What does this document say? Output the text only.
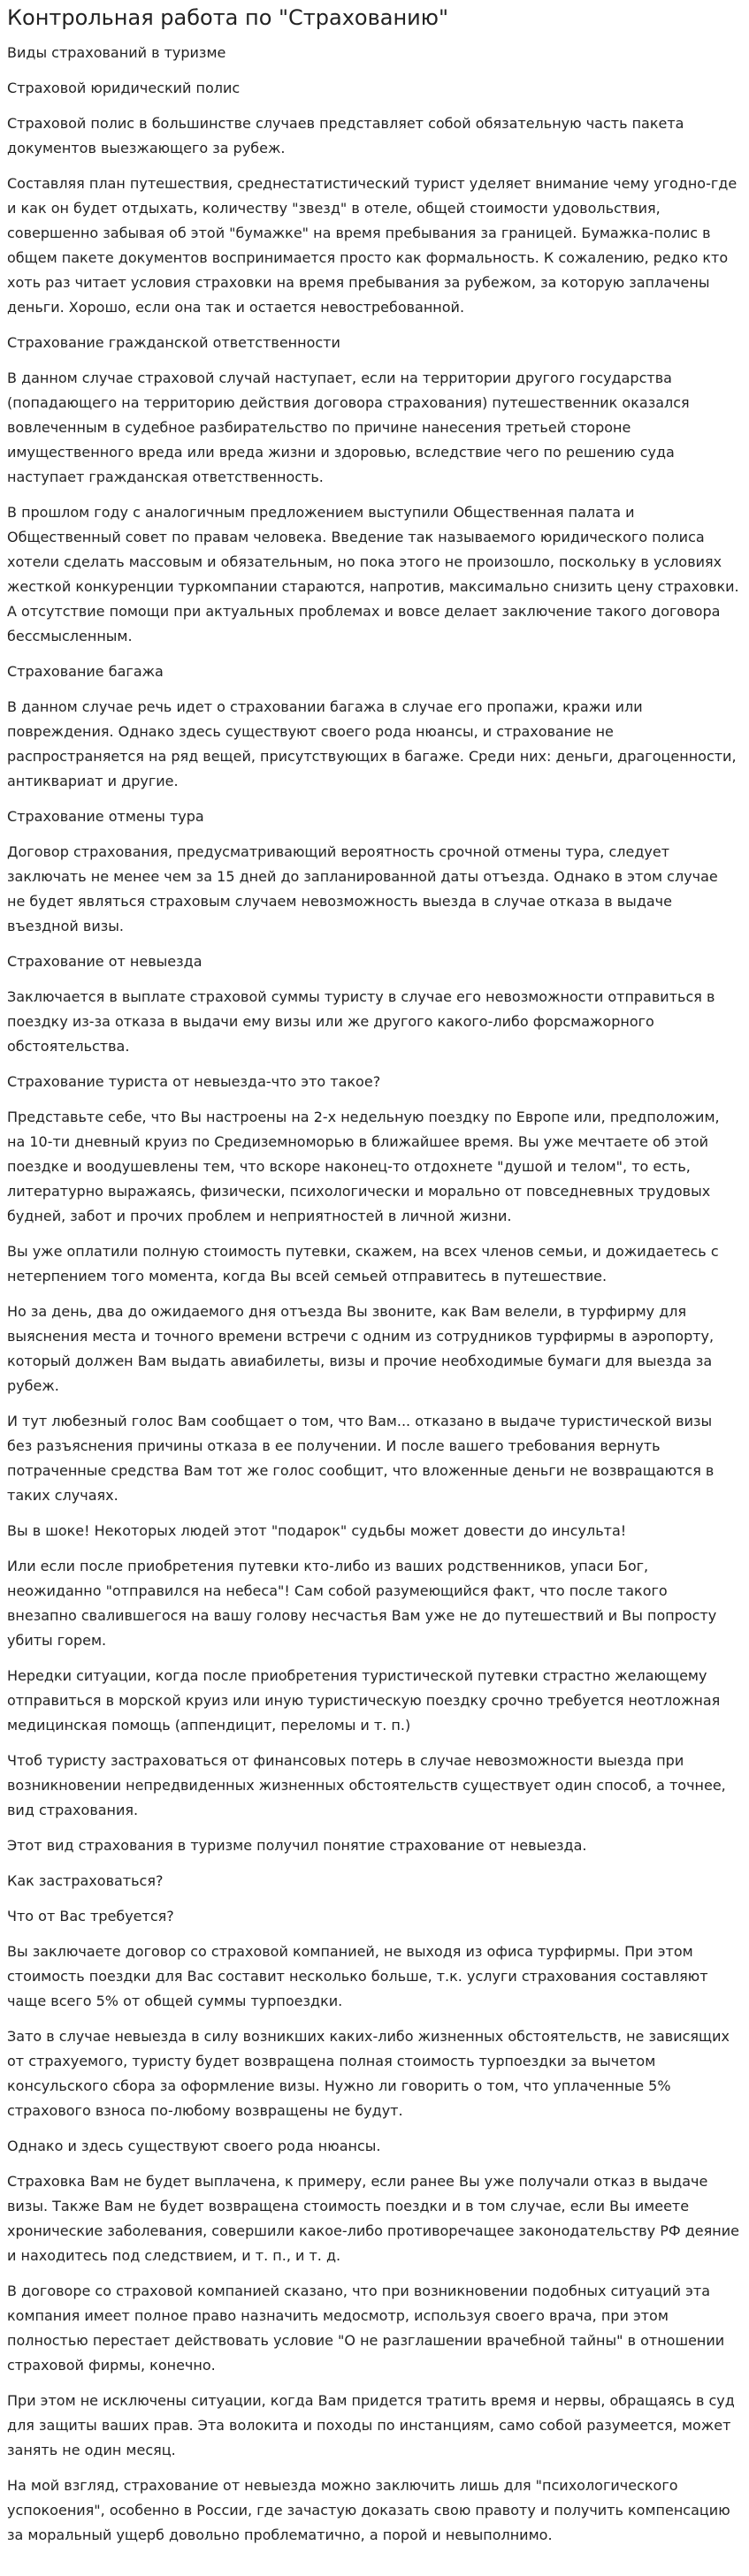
Контрольная работа по "Страхованию"

Виды страхований в туризме

Страховой юридический полис

Страховой полис в большинстве случаев представляет собой обязательную часть пакета документов выезжающего за рубеж.

Составляя план путешествия, среднестатистический турист уделяет внимание чему угодно-где и как он будет отдыхать, количеству "звезд" в отеле, общей стоимости удовольствия, совершенно забывая об этой "бумажке" на время пребывания за границей. Бумажка-полис в общем пакете документов воспринимается просто как формальность. К сожалению, редко кто хоть раз читает условия страховки на время пребывания за рубежом, за которую заплачены деньги. Хорошо, если она так и остается невостребованной.

Страхование гражданской ответственности

В данном случае страховой случай наступает, если на территории другого государства (попадающего на территорию действия договора страхования) путешественник оказался вовлеченным в судебное разбирательство по причине нанесения третьей стороне имущественного вреда или вреда жизни и здоровью, вследствие чего по решению суда наступает гражданская ответственность.

В прошлом году с аналогичным предложением выступили Общественная палата и Общественный совет по правам человека. Введение так называемого юридического полиса хотели сделать массовым и обязательным, но пока этого не произошло, поскольку в условиях жесткой конкуренции туркомпании стараются, напротив, максимально снизить цену страховки. А отсутствие помощи при актуальных проблемах и вовсе делает заключение такого договора бессмысленным.

Страхование багажа

В данном случае речь идет о страховании багажа в случае его пропажи, кражи или повреждения. Однако здесь существуют своего рода нюансы, и страхование не распространяется на ряд вещей, присутствующих в багаже. Среди них: деньги, драгоценности, антиквариат и другие.

Страхование отмены тура

Договор страхования, предусматривающий вероятность срочной отмены тура, следует заключать не менее чем за 15 дней до запланированной даты отъезда. Однако в этом случае не будет являться страховым случаем невозможность выезда в случае отказа в выдаче въездной визы.

Страхование от невыезда

Заключается в выплате страховой суммы туристу в случае его невозможности отправиться в поездку из-за отказа в выдачи ему визы или же другого какого-либо форсмажорного обстоятельства.

Страхование туриста от невыезда-что это такое?

Представьте себе, что Вы настроены на 2-х недельную поездку по Европе или, предположим, на 10-ти дневный круиз по Средиземноморью в ближайшее время. Вы уже мечтаете об этой поездке и воодушевлены тем, что вскоре наконец-то отдохнете "душой и телом", то есть, литературно выражаясь, физически, психологически и морально от повседневных трудовых будней, забот и прочих проблем и неприятностей в личной жизни.

Вы уже оплатили полную стоимость путевки, скажем, на всех членов семьи, и дожидаетесь с нетерпением того момента, когда Вы всей семьей отправитесь в путешествие.

Но за день, два до ожидаемого дня отъезда Вы звоните, как Вам велели, в турфирму для выяснения места и точного времени встречи с одним из сотрудников турфирмы в аэропорту, который должен Вам выдать авиабилеты, визы и прочие необходимые бумаги для выезда за рубеж.

И тут любезный голос Вам сообщает о том, что Вам... отказано в выдаче туристической визы без разъяснения причины отказа в ее получении. И после вашего требования вернуть потраченные средства Вам тот же голос сообщит, что вложенные деньги не возвращаются в таких случаях.

Вы в шоке! Некоторых людей этот "подарок" судьбы может довести до инсульта!

Или если после приобретения путевки кто-либо из ваших родственников, упаси Бог, неожиданно "отправился на небеса"! Сам собой разумеющийся факт, что после такого внезапно свалившегося на вашу голову несчастья Вам уже не до путешествий и Вы попросту убиты горем.

Нередки ситуации, когда после приобретения туристической путевки страстно желающему отправиться в морской круиз или иную туристическую поездку срочно требуется неотложная медицинская помощь (аппендицит, переломы и т. п.)

Чтоб туристу застраховаться от финансовых потерь в случае невозможности выезда при возникновении непредвиденных жизненных обстоятельств существует один способ, а точнее, вид страхования.

Этот вид страхования в туризме получил понятие страхование от невыезда.

Как застраховаться?

Что от Вас требуется?

Вы заключаете договор со страховой компанией, не выходя из офиса турфирмы. При этом стоимость поездки для Вас составит несколько больше, т.к. услуги страхования составляют чаще всего 5% от общей суммы турпоездки.

Зато в случае невыезда в силу возникших каких-либо жизненных обстоятельств, не зависящих от страхуемого, туристу будет возвращена полная стоимость турпоездки за вычетом консульского сбора за оформление визы. Нужно ли говорить о том, что уплаченные 5% страхового взноса по-любому возвращены не будут.

Однако и здесь существуют своего рода нюансы.

Страховка Вам не будет выплачена, к примеру, если ранее Вы уже получали отказ в выдаче визы. Также Вам не будет возвращена стоимость поездки и в том случае, если Вы имеете хронические заболевания, совершили какое-либо противоречащее законодательству РФ деяние и находитесь под следствием, и т. п., и т. д.

В договоре со страховой компанией сказано, что при возникновении подобных ситуаций эта компания имеет полное право назначить медосмотр, используя своего врача, при этом полностью перестает действовать условие "О не разглашении врачебной тайны" в отношении страховой фирмы, конечно.

При этом не исключены ситуации, когда Вам придется тратить время и нервы, обращаясь в суд для защиты ваших прав. Эта волокита и походы по инстанциям, само собой разумеется, может занять не один месяц.

На мой взгляд, страхование от невыезда можно заключить лишь для "психологического успокоения", особенно в России, где зачастую доказать свою правоту и получить компенсацию за моральный ущерб довольно проблематично, а порой и невыполнимо.
